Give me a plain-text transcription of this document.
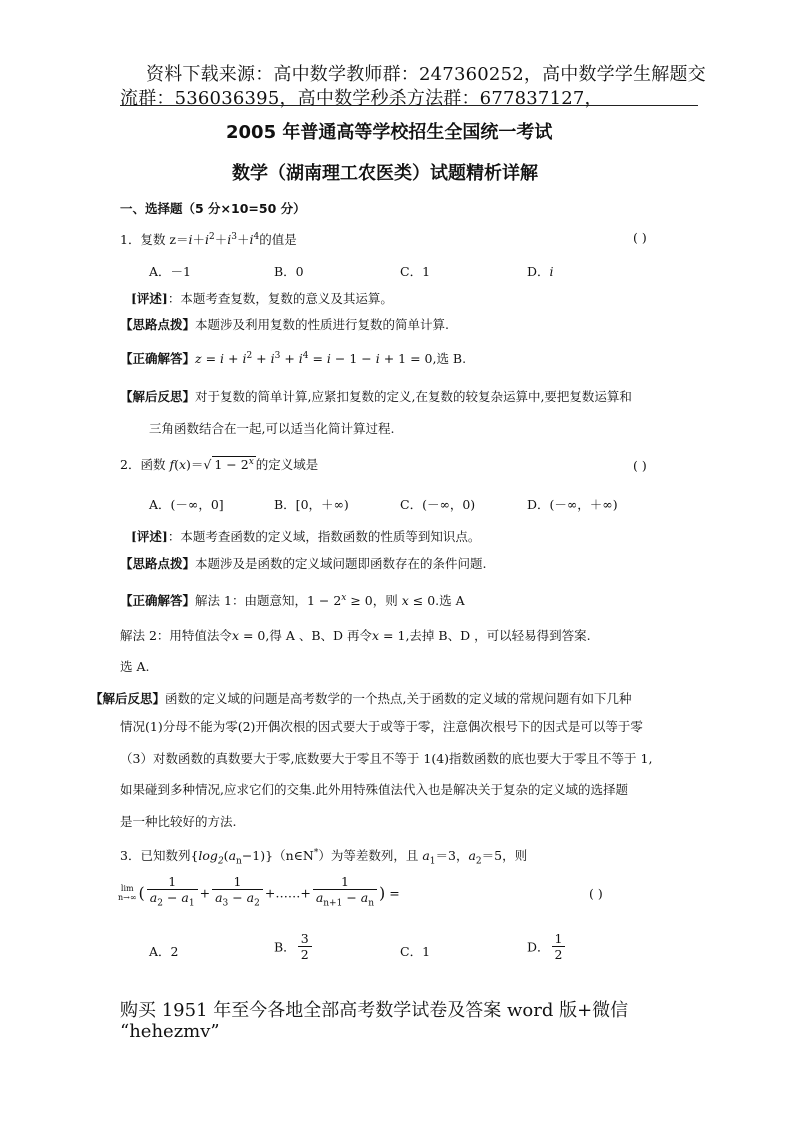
资料下载来源：高中数学教师群：247360252，高中数学学生解题交
流群：536036395，高中数学秒杀方法群：677837127，
2005 年普通高等学校招生全国统一考试
数学（湖南理工农医类）试题精析详解
一、选择题（5 分×10=50 分）
1．复数 $z=i+i^2+i^3+i^4$的值是	( )
A．－1	B．0	C．1	D．i
[评述]：本题考查复数，复数的意义及其运算。
【思路点拨】本题涉及利用复数的性质进行复数的简单计算.
【正确解答】$z = i + i^2 + i^3 + i^4 = i - 1 - i + 1 = 0$,选 B.
【解后反思】对于复数的简单计算,应紧扣复数的定义,在复数的较复杂运算中,要把复数运算和
三角函数结合在一起,可以适当化简计算过程.
2．函数 f(x)＝√ $1 - 2^x$ 的定义域是	( )
A．(－∞，0]	B．[0，＋∞)	C．(－∞，0)	D．(－∞，＋∞)
[评述]：本题考查函数的定义域，指数函数的性质等到知识点。
【思路点拨】本题涉及是函数的定义域问题即函数存在的条件问题.
【正确解答】解法 1：由题意知，$1 - 2^x \ge 0$，则 x ≤ 0.选 A
解法 2：用特值法令x = 0,得 A 、B、D 再令x = 1,去掉 B、D ，可以轻易得到答案.
选 A.
【解后反思】函数的定义域的问题是高考数学的一个热点,关于函数的定义域的常规问题有如下几种
情况(1)分母不能为零(2)开偶次根的因式要大于或等于零，注意偶次根号下的因式是可以等于零
（3）对数函数的真数要大于零,底数要大于零且不等于 1(4)指数函数的底也要大于零且不等于 1,
如果碰到多种情况,应求它们的交集.此外用特殊值法代入也是解决关于复杂的定义域的选择题
是一种比较好的方法.
3．已知数列$\{\log_2(a_n-1)\}(n\in N^*)$为等差数列，且 $a_1=3$，$a_2=5$，则
lim
n→∞ ( $\frac{1}{a_2 - a_1} + \frac{1}{a_3 - a_2}$ +……+ $\frac{1}{a_{n+1} - a_n}$ ) =	( )
A．2	B． $\frac{3}{2}$	C．1	D． $\frac{1}{2}$
购买 1951 年至今各地全部高考数学试卷及答案 word 版+微信
“hehezmv”
